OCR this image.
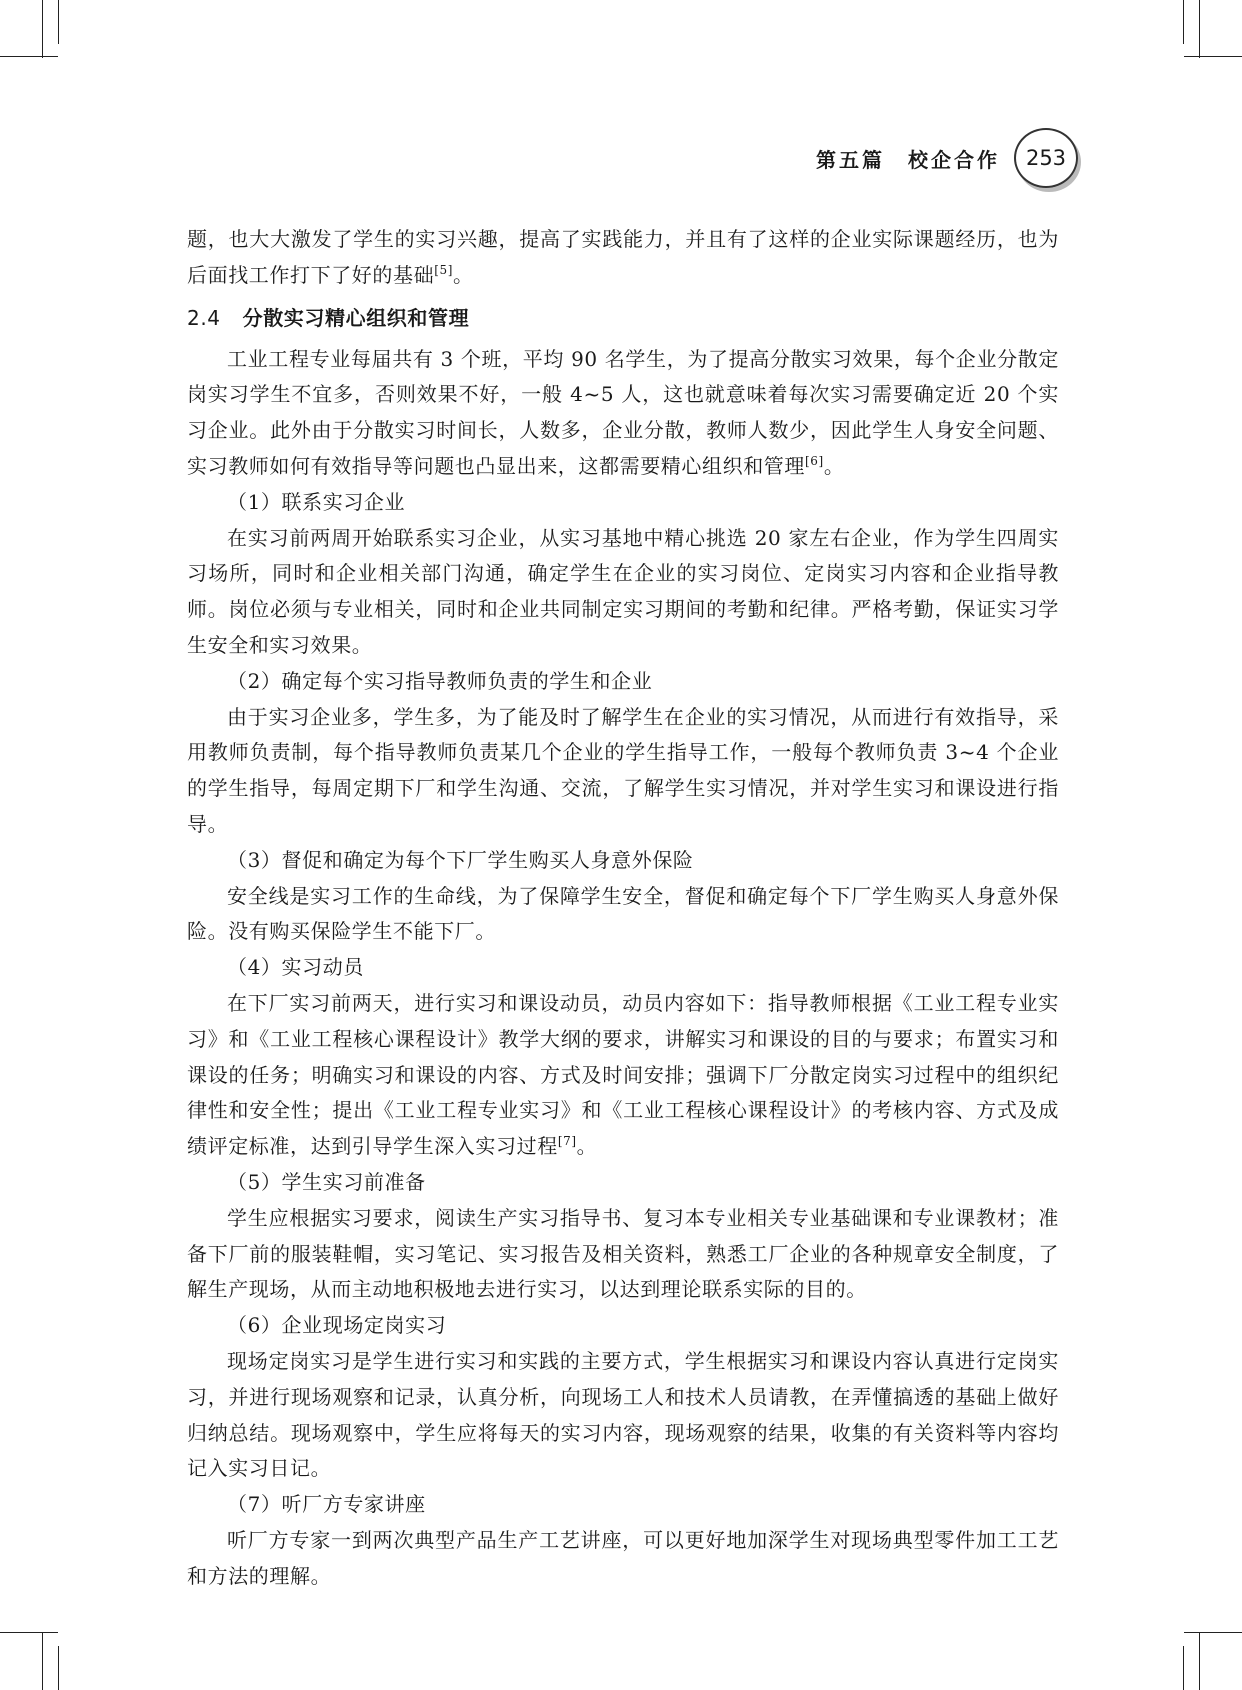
第五篇　校企合作	253

题，也大大激发了学生的实习兴趣，提高了实践能力，并且有了这样的企业实际课题经历，也为后面找工作打下了好的基础[5]。

2.4 分散实习精心组织和管理

工业工程专业每届共有 3 个班，平均 90 名学生，为了提高分散实习效果，每个企业分散定岗实习学生不宜多，否则效果不好，一般 4~5 人，这也就意味着每次实习需要确定近 20 个实习企业。此外由于分散实习时间长，人数多，企业分散，教师人数少，因此学生人身安全问题、实习教师如何有效指导等问题也凸显出来，这都需要精心组织和管理[6]。

（1）联系实习企业

在实习前两周开始联系实习企业，从实习基地中精心挑选 20 家左右企业，作为学生四周实习场所，同时和企业相关部门沟通，确定学生在企业的实习岗位、定岗实习内容和企业指导教师。岗位必须与专业相关，同时和企业共同制定实习期间的考勤和纪律。严格考勤，保证实习学生安全和实习效果。

（2）确定每个实习指导教师负责的学生和企业

由于实习企业多，学生多，为了能及时了解学生在企业的实习情况，从而进行有效指导，采用教师负责制，每个指导教师负责某几个企业的学生指导工作，一般每个教师负责 3~4 个企业的学生指导，每周定期下厂和学生沟通、交流，了解学生实习情况，并对学生实习和课设进行指导。

（3）督促和确定为每个下厂学生购买人身意外保险

安全线是实习工作的生命线，为了保障学生安全，督促和确定每个下厂学生购买人身意外保险。没有购买保险学生不能下厂。

（4）实习动员

在下厂实习前两天，进行实习和课设动员，动员内容如下：指导教师根据《工业工程专业实习》和《工业工程核心课程设计》教学大纲的要求，讲解实习和课设的目的与要求；布置实习和课设的任务；明确实习和课设的内容、方式及时间安排；强调下厂分散定岗实习过程中的组织纪律性和安全性；提出《工业工程专业实习》和《工业工程核心课程设计》的考核内容、方式及成绩评定标准，达到引导学生深入实习过程[7]。

（5）学生实习前准备

学生应根据实习要求，阅读生产实习指导书、复习本专业相关专业基础课和专业课教材；准备下厂前的服装鞋帽，实习笔记、实习报告及相关资料，熟悉工厂企业的各种规章安全制度，了解生产现场，从而主动地积极地去进行实习，以达到理论联系实际的目的。

（6）企业现场定岗实习

现场定岗实习是学生进行实习和实践的主要方式，学生根据实习和课设内容认真进行定岗实习，并进行现场观察和记录，认真分析，向现场工人和技术人员请教，在弄懂搞透的基础上做好归纳总结。现场观察中，学生应将每天的实习内容，现场观察的结果，收集的有关资料等内容均记入实习日记。

（7）听厂方专家讲座

听厂方专家一到两次典型产品生产工艺讲座，可以更好地加深学生对现场典型零件加工工艺和方法的理解。
